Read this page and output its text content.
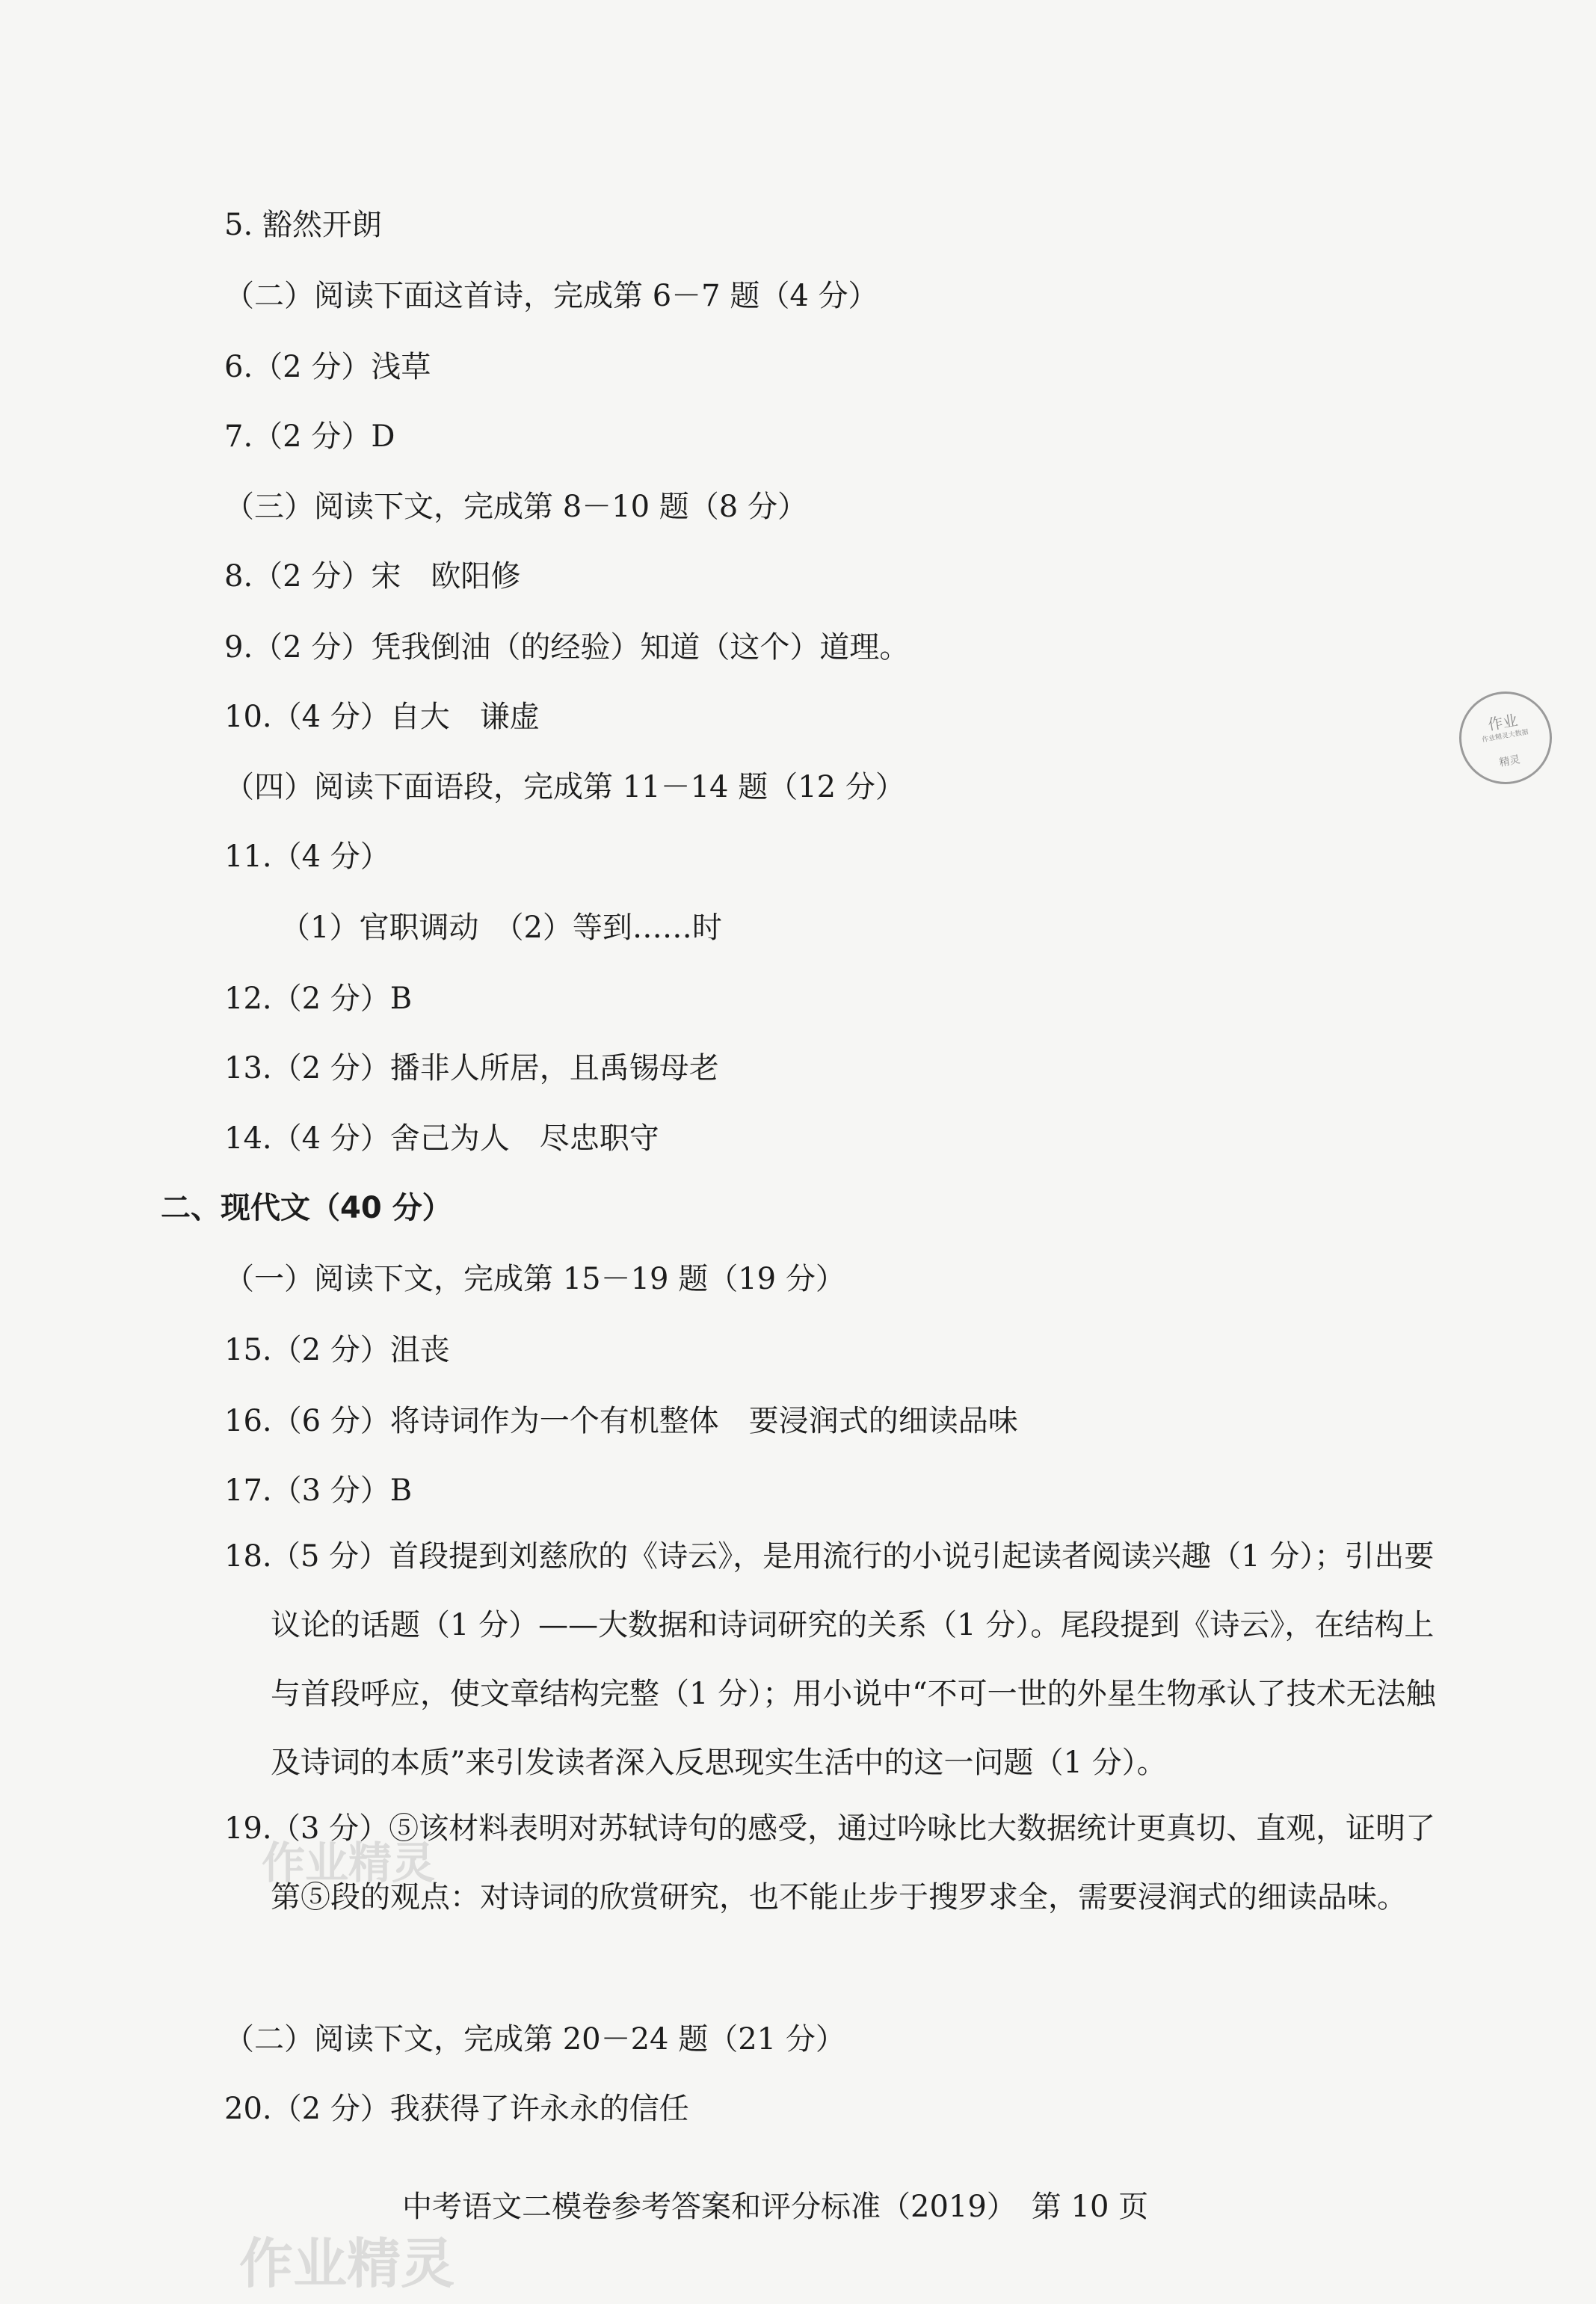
5. 豁然开朗
（二）阅读下面这首诗，完成第 6－7 题（4 分）
6.（2 分）浅草
7.（2 分）D
（三）阅读下文，完成第 8－10 题（8 分）
8.（2 分）宋　欧阳修
9.（2 分）凭我倒油（的经验）知道（这个）道理。
10.（4 分）自大　谦虚
（四）阅读下面语段，完成第 11－14 题（12 分）
11.（4 分）
（1）官职调动　（2）等到……时
12.（2 分）B
13.（2 分）播非人所居，且禹锡母老
14.（4 分）舍己为人　尽忠职守
二、现代文（40 分）
（一）阅读下文，完成第 15－19 题（19 分）
15.（2 分）沮丧
16.（6 分）将诗词作为一个有机整体　要浸润式的细读品味
17.（3 分）B
18.
（5 分）首段提到刘慈欣的《诗云》，是用流行的小说引起读者阅读兴趣（1 分）；引出要议论的话题（1 分）——大数据和诗词研究的关系（1 分）。尾段提到《诗云》，在结构上与首段呼应，使文章结构完整（1 分）；用小说中“不可一世的外星生物承认了技术无法触及诗词的本质”来引发读者深入反思现实生活中的这一问题（1 分）。
19.
（3 分）⑤该材料表明对苏轼诗句的感受，通过吟咏比大数据统计更真切、直观，证明了第⑤段的观点：对诗词的欣赏研究，也不能止步于搜罗求全，需要浸润式的细读品味。
（二）阅读下文，完成第 20－24 题（21 分）
20.（2 分）我获得了许永永的信任
中考语文二模卷参考答案和评分标准（2019）　第 10 页
作业
作业精灵大数据
精灵
作业精灵
作业精灵
